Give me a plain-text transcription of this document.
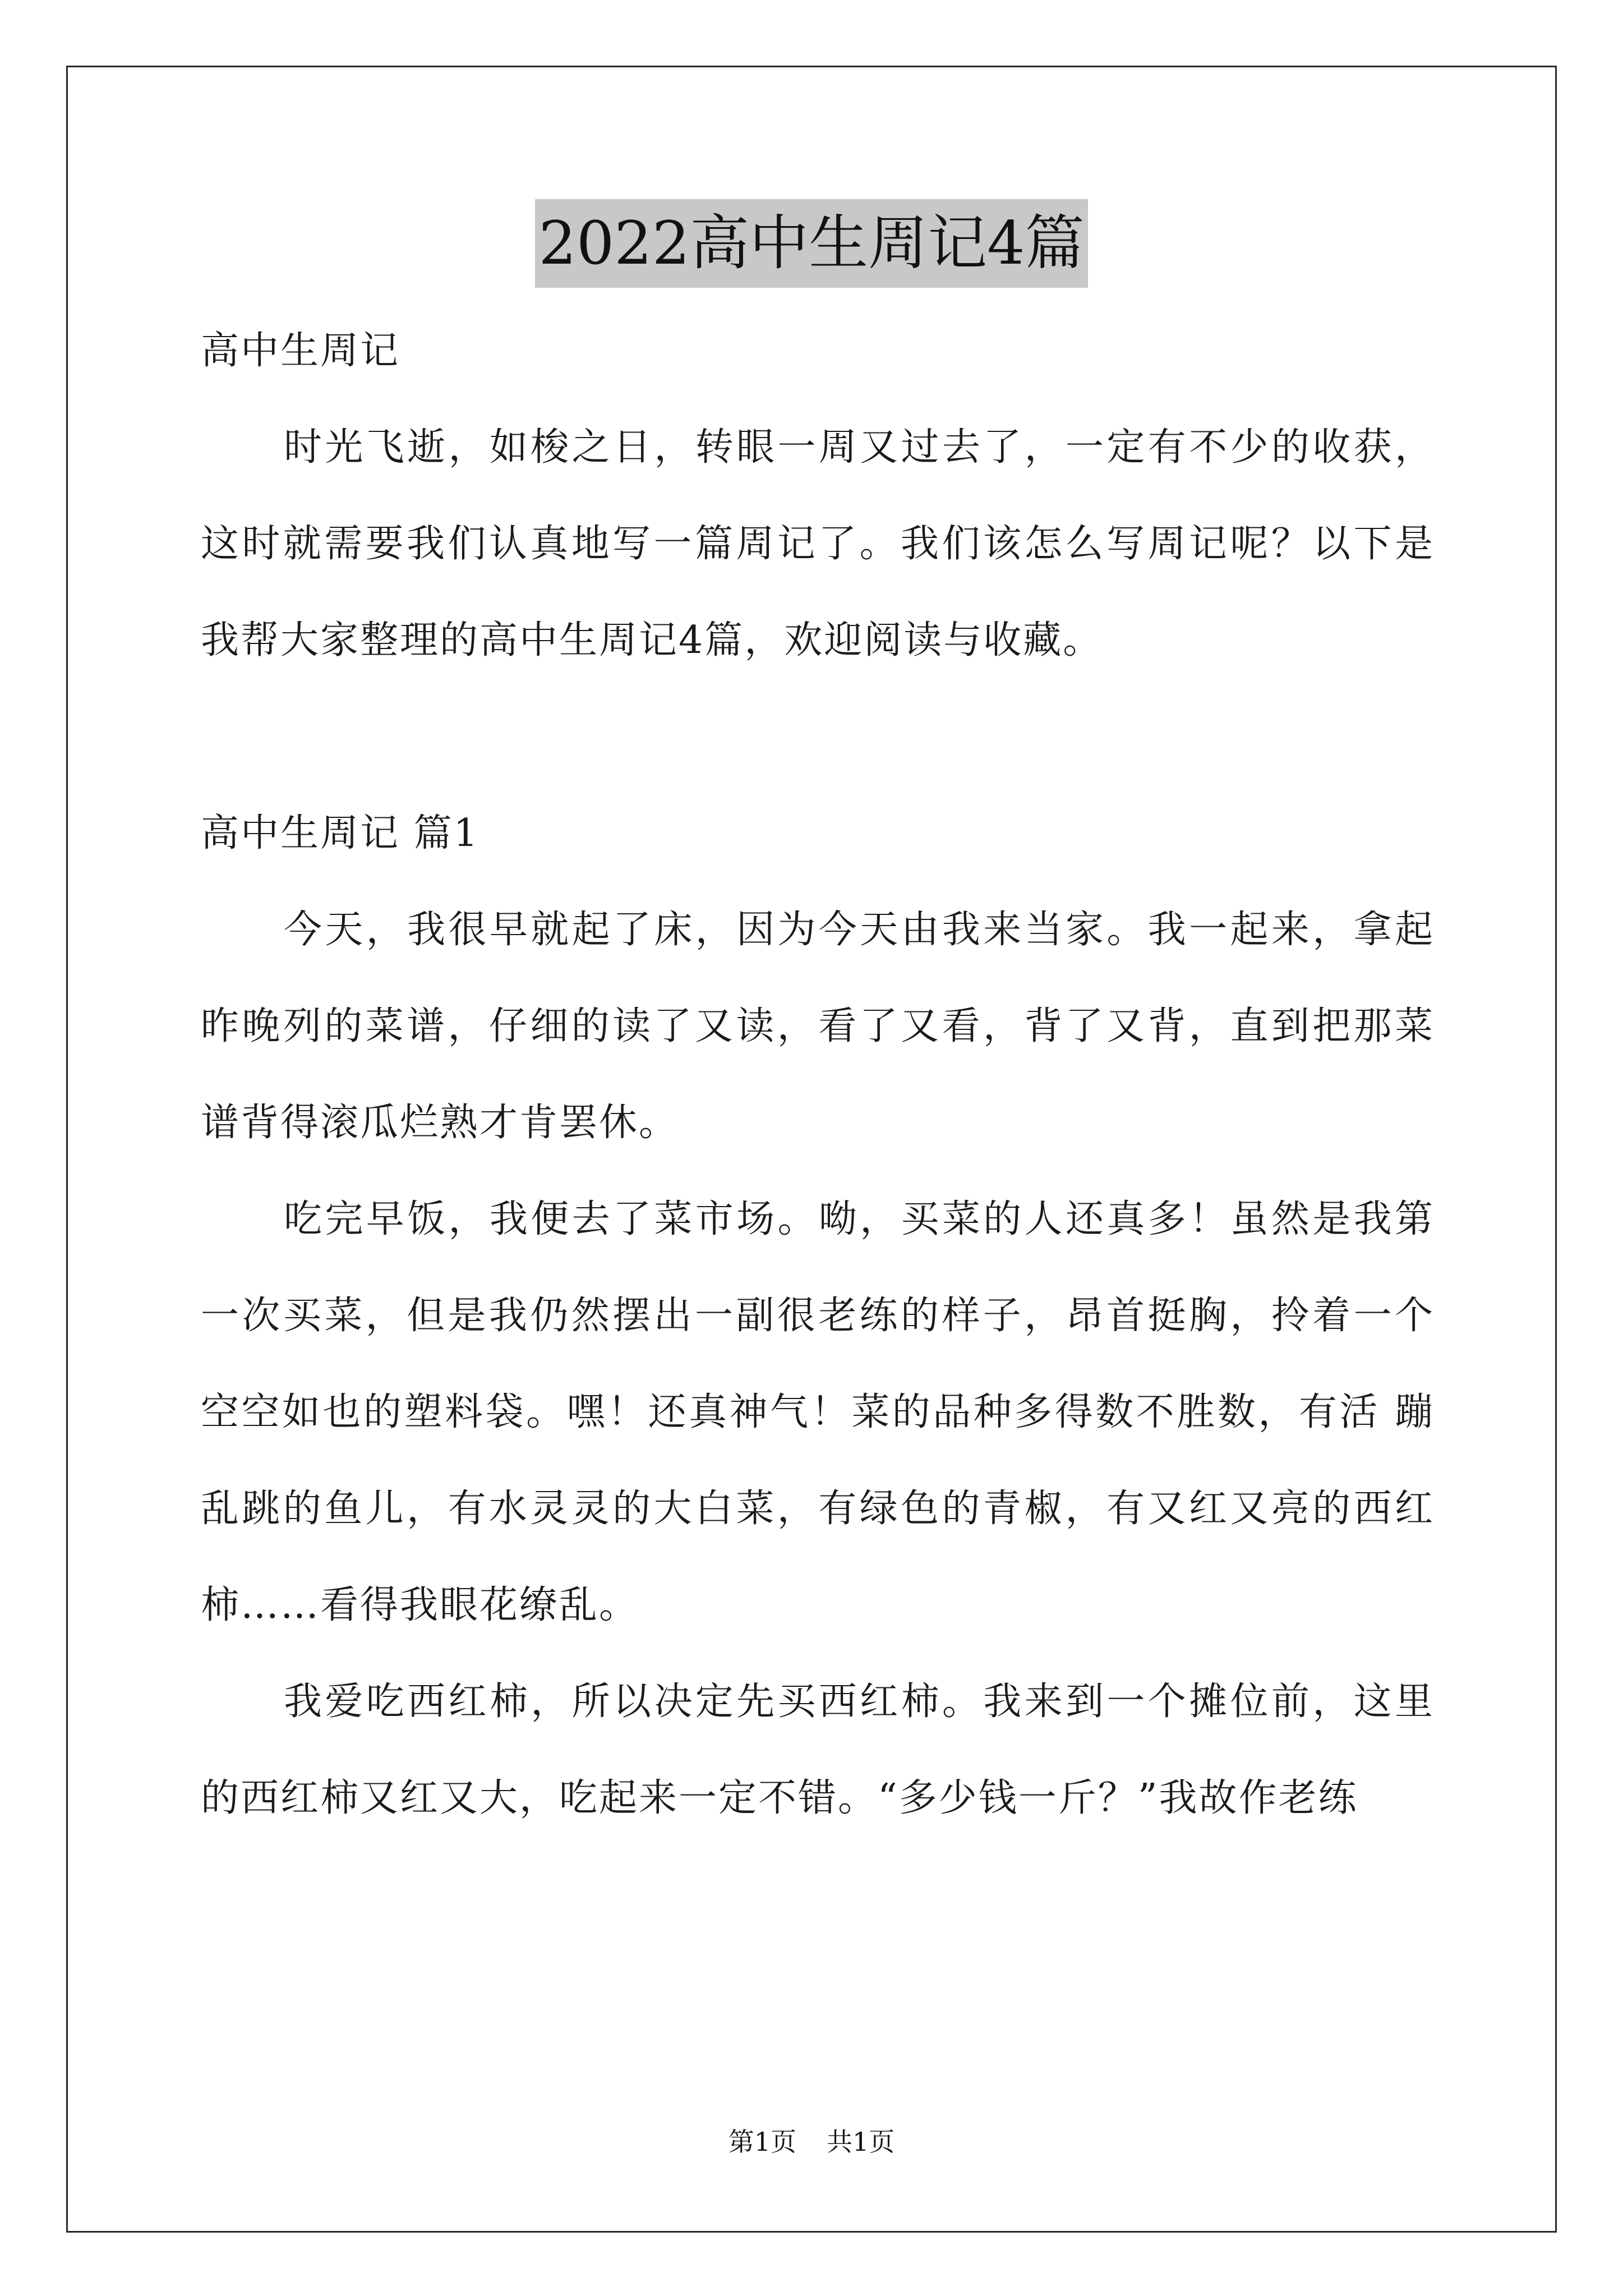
2022高中生周记4篇

高中生周记

时光飞逝，如梭之日，转眼一周又过去了，一定有不少的收获，这时就需要我们认真地写一篇周记了。我们该怎么写周记呢？以下是我帮大家整理的高中生周记4篇，欢迎阅读与收藏。

高中生周记 篇1

今天，我很早就起了床，因为今天由我来当家。我一起来，拿起昨晚列的菜谱，仔细的读了又读，看了又看，背了又背，直到把那菜谱背得滚瓜烂熟才肯罢休。

吃完早饭，我便去了菜市场。呦，买菜的人还真多！虽然是我第一次买菜，但是我仍然摆出一副很老练的样子，昂首挺胸，拎着一个空空如也的塑料袋。嘿！还真神气！菜的品种多得数不胜数，有活 蹦乱跳的鱼儿，有水灵灵的大白菜，有绿色的青椒，有又红又亮的西红柿……看得我眼花缭乱。

我爱吃西红柿，所以决定先买西红柿。我来到一个摊位前，这里的西红柿又红又大，吃起来一定不错。“多少钱一斤？”我故作老练

第1页 共1页
